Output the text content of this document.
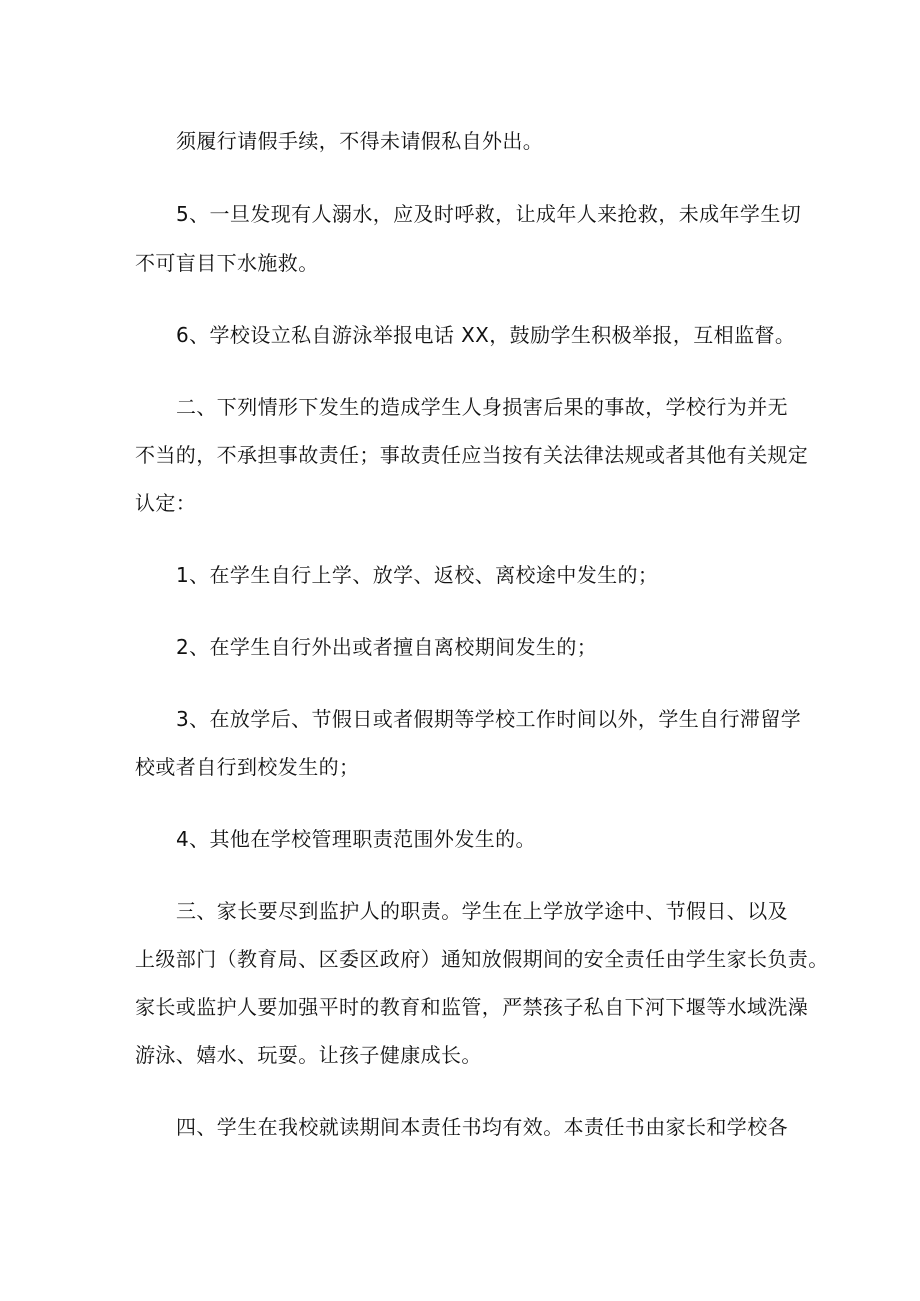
须履行请假手续，不得未请假私自外出。
5、一旦发现有人溺水，应及时呼救，让成年人来抢救，未成年学生切
不可盲目下水施救。
6、学校设立私自游泳举报电话 XX，鼓励学生积极举报，互相监督。
二、下列情形下发生的造成学生人身损害后果的事故，学校行为并无
不当的，不承担事故责任；事故责任应当按有关法律法规或者其他有关规定
认定：
1、在学生自行上学、放学、返校、离校途中发生的；
2、在学生自行外出或者擅自离校期间发生的；
3、在放学后、节假日或者假期等学校工作时间以外，学生自行滞留学
校或者自行到校发生的；
4、其他在学校管理职责范围外发生的。
三、家长要尽到监护人的职责。学生在上学放学途中、节假日、以及
上级部门（教育局、区委区政府）通知放假期间的安全责任由学生家长负责。
家长或监护人要加强平时的教育和监管，严禁孩子私自下河下堰等水域洗澡
游泳、嬉水、玩耍。让孩子健康成长。
四、学生在我校就读期间本责任书均有效。本责任书由家长和学校各
